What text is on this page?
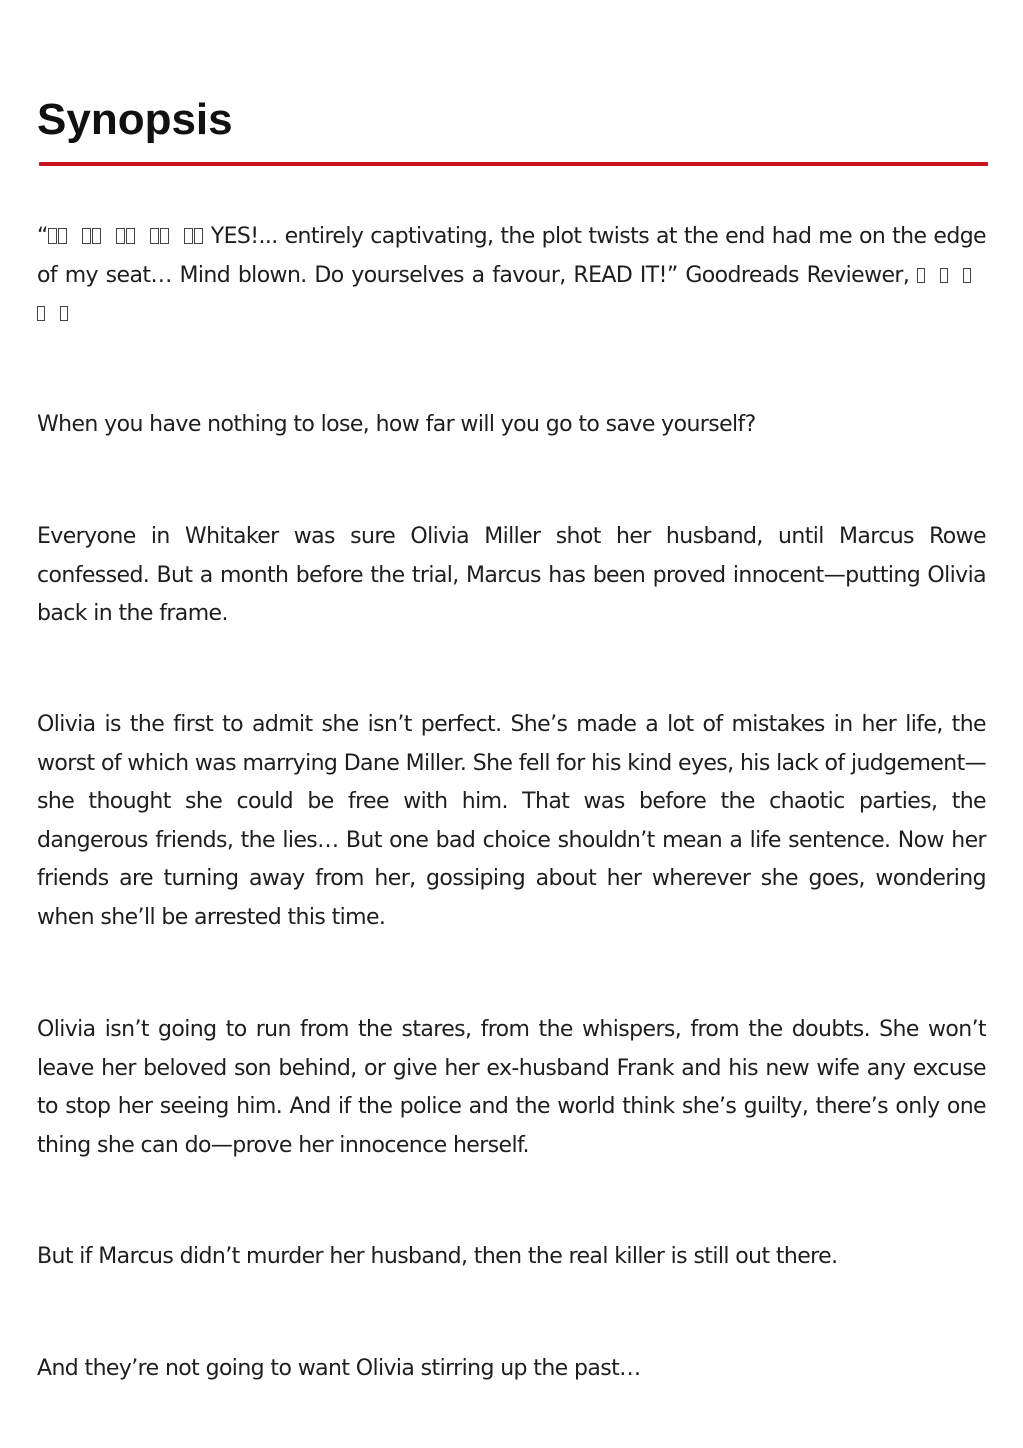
Synopsis

“	YES!... entirely captivating, the plot twists at the end had me on the edge of my seat… Mind blown. Do yourselves a favour, READ IT!” Goodreads Reviewer,

When you have nothing to lose, how far will you go to save yourself?

Everyone in Whitaker was sure Olivia Miller shot her husband, until Marcus Rowe confessed. But a month before the trial, Marcus has been proved innocent—putting Olivia back in the frame.

Olivia is the first to admit she isn’t perfect. She’s made a lot of mistakes in her life, the worst of which was marrying Dane Miller. She fell for his kind eyes, his lack of judgement—she thought she could be free with him. That was before the chaotic parties, the dangerous friends, the lies… But one bad choice shouldn’t mean a life sentence. Now her friends are turning away from her, gossiping about her wherever she goes, wondering when she’ll be arrested this time.

Olivia isn’t going to run from the stares, from the whispers, from the doubts. She won’t leave her beloved son behind, or give her ex-husband Frank and his new wife any excuse to stop her seeing him. And if the police and the world think she’s guilty, there’s only one thing she can do—prove her innocence herself.

But if Marcus didn’t murder her husband, then the real killer is still out there.

And they’re not going to want Olivia stirring up the past…
